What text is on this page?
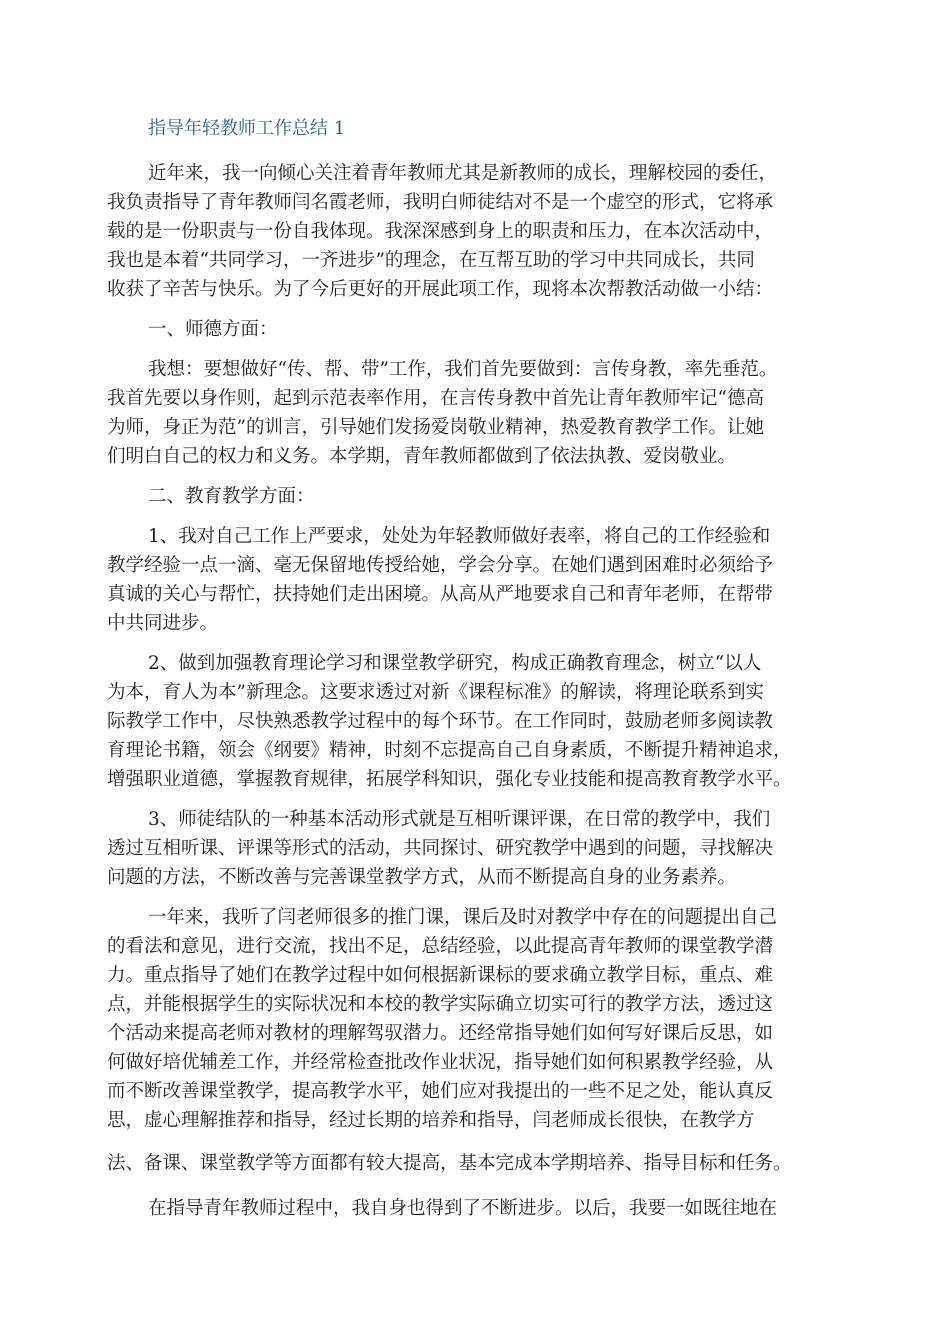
指导年轻教师工作总结 1

近年来，我一向倾心关注着青年教师尤其是新教师的成长，理解校园的委任，

我负责指导了青年教师闫名霞老师，我明白师徒结对不是一个虚空的形式，它将承

载的是一份职责与一份自我体现。我深深感到身上的职责和压力，在本次活动中，

我也是本着“共同学习，一齐进步”的理念，在互帮互助的学习中共同成长，共同

收获了辛苦与快乐。为了今后更好的开展此项工作，现将本次帮教活动做一小结：

一、师德方面：

我想：要想做好“传、帮、带”工作，我们首先要做到：言传身教，率先垂范。

我首先要以身作则，起到示范表率作用，在言传身教中首先让青年教师牢记“德高

为师，身正为范”的训言，引导她们发扬爱岗敬业精神，热爱教育教学工作。让她

们明白自己的权力和义务。本学期，青年教师都做到了依法执教、爱岗敬业。

二、教育教学方面：

1、我对自己工作上严要求，处处为年轻教师做好表率，将自己的工作经验和

教学经验一点一滴、毫无保留地传授给她，学会分享。在她们遇到困难时必须给予

真诚的关心与帮忙，扶持她们走出困境。从高从严地要求自己和青年老师，在帮带

中共同进步。

2、做到加强教育理论学习和课堂教学研究，构成正确教育理念，树立“以人

为本，育人为本”新理念。这要求透过对新《课程标准》的解读，将理论联系到实

际教学工作中，尽快熟悉教学过程中的每个环节。在工作同时，鼓励老师多阅读教

育理论书籍，领会《纲要》精神，时刻不忘提高自己自身素质，不断提升精神追求，

增强职业道德，掌握教育规律，拓展学科知识，强化专业技能和提高教育教学水平。

3、师徒结队的一种基本活动形式就是互相听课评课，在日常的教学中，我们

透过互相听课、评课等形式的活动，共同探讨、研究教学中遇到的问题，寻找解决

问题的方法，不断改善与完善课堂教学方式，从而不断提高自身的业务素养。

一年来，我听了闫老师很多的推门课，课后及时对教学中存在的问题提出自己

的看法和意见，进行交流，找出不足，总结经验，以此提高青年教师的课堂教学潜

力。重点指导了她们在教学过程中如何根据新课标的要求确立教学目标，重点、难

点，并能根据学生的实际状况和本校的教学实际确立切实可行的教学方法，透过这

个活动来提高老师对教材的理解驾驭潜力。还经常指导她们如何写好课后反思，如

何做好培优辅差工作，并经常检查批改作业状况，指导她们如何积累教学经验，从

而不断改善课堂教学，提高教学水平，她们应对我提出的一些不足之处，能认真反

思，虚心理解推荐和指导，经过长期的培养和指导，闫老师成长很快，在教学方

法、备课、课堂教学等方面都有较大提高，基本完成本学期培养、指导目标和任务。

在指导青年教师过程中，我自身也得到了不断进步。以后，我要一如既往地在
